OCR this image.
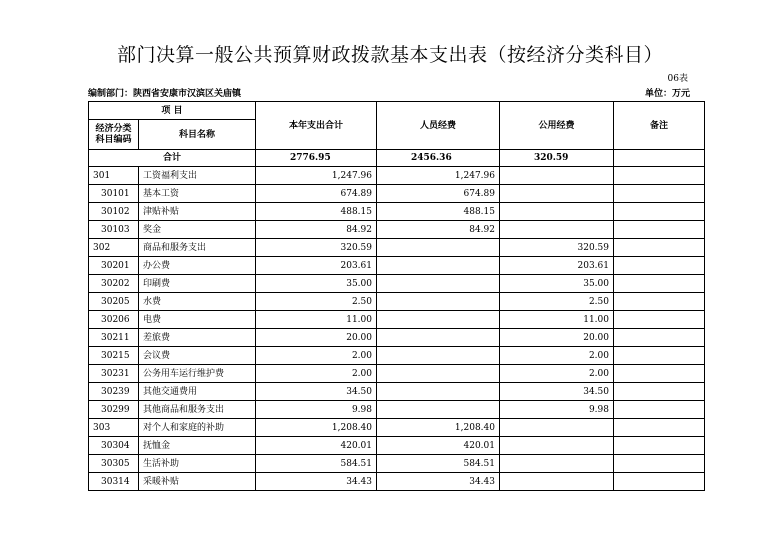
部门决算一般公共预算财政拨款基本支出表（按经济分类科目）
06表
编制部门：陕西省安康市汉滨区关庙镇	单位：万元
项 目		本年支出合计	人员经费	公用经费	备注
经济分类科目编码	科目名称				
合计		2776.95	2456.36	320.59	
301	工资福利支出	1,247.96	1,247.96		
30101	基本工资	674.89	674.89		
30102	津贴补贴	488.15	488.15		
30103	奖金	84.92	84.92		
302	商品和服务支出	320.59		320.59	
30201	办公费	203.61		203.61	
30202	印刷费	35.00		35.00	
30205	水费	2.50		2.50	
30206	电费	11.00		11.00	
30211	差旅费	20.00		20.00	
30215	会议费	2.00		2.00	
30231	公务用车运行维护费	2.00		2.00	
30239	其他交通费用	34.50		34.50	
30299	其他商品和服务支出	9.98		9.98	
303	对个人和家庭的补助	1,208.40	1,208.40		
30304	抚恤金	420.01	420.01		
30305	生活补助	584.51	584.51		
30314	采暖补贴	34.43	34.43		
